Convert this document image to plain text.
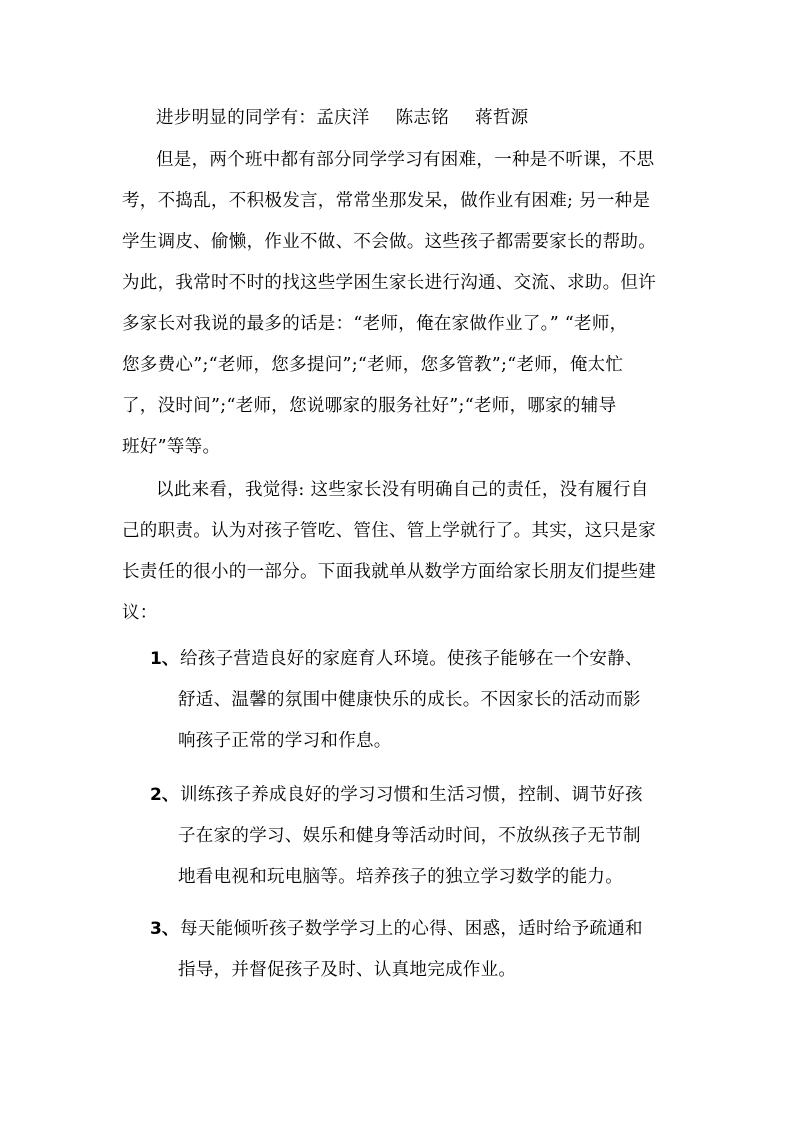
进步明显的同学有：孟庆洋 陈志铭 蒋哲源
但是，两个班中都有部分同学学习有困难，一种是不听课，不思
考，不捣乱，不积极发言，常常坐那发呆，做作业有困难; 另一种是
学生调皮、偷懒，作业不做、不会做。这些孩子都需要家长的帮助。
为此，我常时不时的找这些学困生家长进行沟通、交流、求助。但许
多家长对我说的最多的话是：“老师，俺在家做作业了。” “老师，
您多费心”;“老师，您多提问”;“老师，您多管教”;“老师，俺太忙
了，没时间”;“老师，您说哪家的服务社好”;“老师，哪家的辅导
班好”等等。
以此来看，我觉得: 这些家长没有明确自己的责任，没有履行自
己的职责。认为对孩子管吃、管住、管上学就行了。其实，这只是家
长责任的很小的一部分。下面我就单从数学方面给家长朋友们提些建
议：
1、 给孩子营造良好的家庭育人环境。使孩子能够在一个安静、
舒适、温馨的氛围中健康快乐的成长。不因家长的活动而影
响孩子正常的学习和作息。
2、 训练孩子养成良好的学习习惯和生活习惯，控制、调节好孩
子在家的学习、娱乐和健身等活动时间，不放纵孩子无节制
地看电视和玩电脑等。培养孩子的独立学习数学的能力。
3、 每天能倾听孩子数学学习上的心得、困惑，适时给予疏通和
指导，并督促孩子及时、认真地完成作业。
